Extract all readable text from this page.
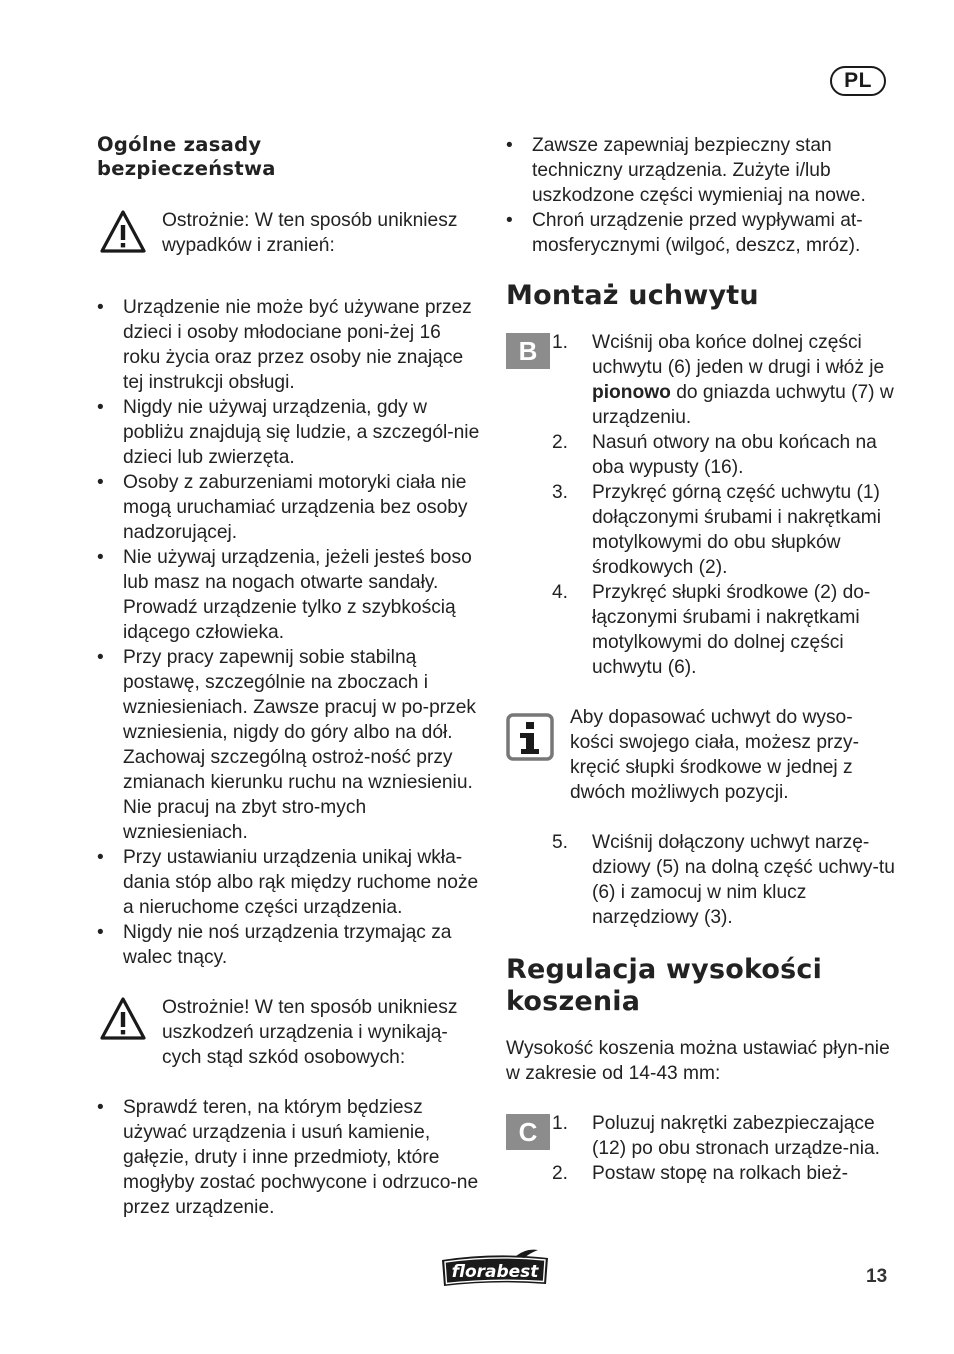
PL
Ogólne zasady
bezpieczeństwa
Ostrożnie: W ten sposób unikniesz wypadków i zranień:
•	Urządzenie nie może być używane przez dzieci i osoby młodociane poni-żej 16 roku życia oraz przez osoby nie znające tej instrukcji obsługi.
•	Nigdy nie używaj urządzenia, gdy w pobliżu znajdują się ludzie, a szczegól-nie dzieci lub zwierzęta.
•	Osoby z zaburzeniami motoryki ciała nie mogą uruchamiać urządzenia bez osoby nadzorującej.
•	Nie używaj urządzenia, jeżeli jesteś boso lub masz na nogach otwarte sandały. Prowadź urządzenie tylko z szybkością idącego człowieka.
•	Przy pracy zapewnij sobie stabilną postawę, szczególnie na zboczach i wzniesieniach. Zawsze pracuj w po-przek wzniesienia, nigdy do góry albo na dół. Zachowaj szczególną ostroż-ność przy zmianach kierunku ruchu na wzniesieniu. Nie pracuj na zbyt stro-mych wzniesieniach.
•	Przy ustawianiu urządzenia unikaj wkła-dania stóp albo rąk między ruchome noże a nieruchome części urządzenia.
•	Nigdy nie noś urządzenia trzymając za walec tnący.
Ostrożnie! W ten sposób unikniesz uszkodzeń urządzenia i wynikają-cych stąd szkód osobowych:
•	Sprawdź teren, na którym będziesz używać urządzenia i usuń kamienie, gałęzie, druty i inne przedmioty, które mogłyby zostać pochwycone i odrzuco-ne przez urządzenie.
•	Zawsze zapewniaj bezpieczny stan techniczny urządzenia. Zużyte i/lub uszkodzone części wymieniaj na nowe.
•	Chroń urządzenie przed wypływami at-mosferycznymi (wilgoć, deszcz, mróz).
Montaż uchwytu
B 1. Wciśnij oba końce dolnej części uchwytu (6) jeden w drugi i włóż je pionowo do gniazda uchwytu (7) w urządzeniu.
2. Nasuń otwory na obu końcach na oba wypusty (16).
3. Przykręć górną część uchwytu (1) dołączonymi śrubami i nakrętkami motylkowymi do obu słupków środkowych (2).
4. Przykręć słupki środkowe (2) do-łączonymi śrubami i nakrętkami motylkowymi do dolnej części uchwytu (6).
Aby dopasować uchwyt do wyso-kości swojego ciała, możesz przy-kręcić słupki środkowe w jednej z dwóch możliwych pozycji.
5. Wciśnij dołączony uchwyt narzę-dziowy (5) na dolną część uchwy-tu (6) i zamocuj w nim klucz narzędziowy (3).
Regulacja wysokości
koszenia
Wysokość koszenia można ustawiać płyn-nie w zakresie od 14-43 mm:
C 1. Poluzuj nakrętki zabezpieczające (12) po obu stronach urządze-nia.
2. Postaw stopę na rolkach bież-
florabest	13
